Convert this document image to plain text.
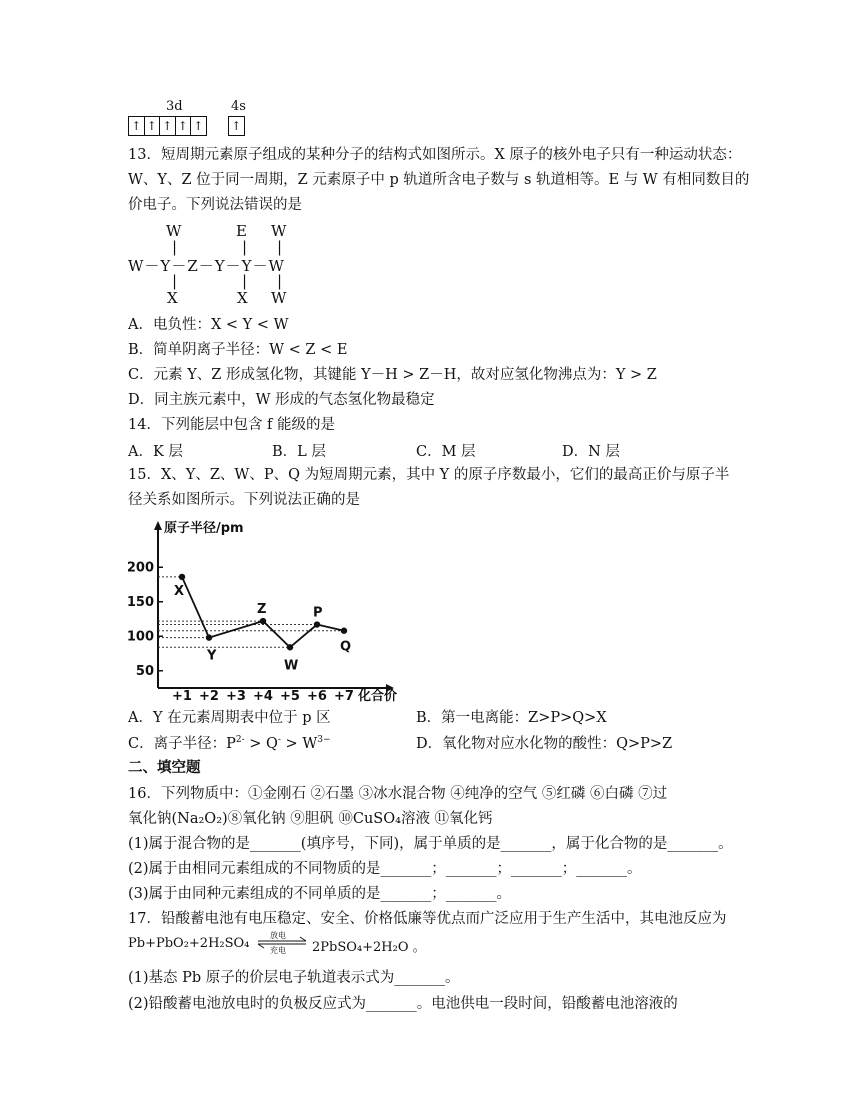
3d	4s
↑ ↑ ↑ ↑ ↑ ↑
13．短周期元素原子组成的某种分子的结构式如图所示。X 原子的核外电子只有一种运动状态：
W、Y、Z 位于同一周期，Z 元素原子中 p 轨道所含电子数与 s 轨道相等。E 与 W 有相同数目的
价电子。下列说法错误的是
W	E W
|	| |
W－Y－Z－Y－Y－W
|	| |
X	X W
A．电负性：X < Y < W
B．简单阴离子半径：W < Z < E
C．元素 Y、Z 形成氢化物，其键能 Y－H > Z－H，故对应氢化物沸点为：Y > Z
D．同主族元素中，W 形成的气态氢化物最稳定
14．下列能层中包含 f 能级的是
A．K 层	B．L 层	C．M 层	D．N 层
15．X、Y、Z、W、P、Q 为短周期元素，其中 Y 的原子序数最小，它们的最高正价与原子半
径关系如图所示。下列说法正确的是
原子半径/pm
化合价
50
100
150
200
+1 +2 +3 +4 +5 +6 +7
X
Y
Z
W
P
Q
A．Y 在元素周期表中位于 p 区	B．第一电离能：Z>P>Q>X
C．离子半径：$P^{2-} > Q^- > W^{3-}$	D．氧化物对应水化物的酸性：Q>P>Z
二、填空题
16．下列物质中：①金刚石 ②石墨 ③冰水混合物 ④纯净的空气 ⑤红磷 ⑥白磷 ⑦过
氧化钠(Na₂O₂)⑧氧化钠 ⑨胆矾 ⑩CuSO₄溶液 ⑪氧化钙
(1)属于混合物的是_______(填序号，下同)，属于单质的是_______，属于化合物的是_______。
(2)属于由相同元素组成的不同物质的是_______；_______；_______；_______。
(3)属于由同种元素组成的不同单质的是_______；_______。
17．铅酸蓄电池有电压稳定、安全、价格低廉等优点而广泛应用于生产生活中，其电池反应为
Pb+PbO₂+2H₂SO₄
放电
充电 2PbSO₄+2H₂O 。
(1)基态 Pb 原子的价层电子轨道表示式为_______。
(2)铅酸蓄电池放电时的负极反应式为_______。电池供电一段时间，铅酸蓄电池溶液的
